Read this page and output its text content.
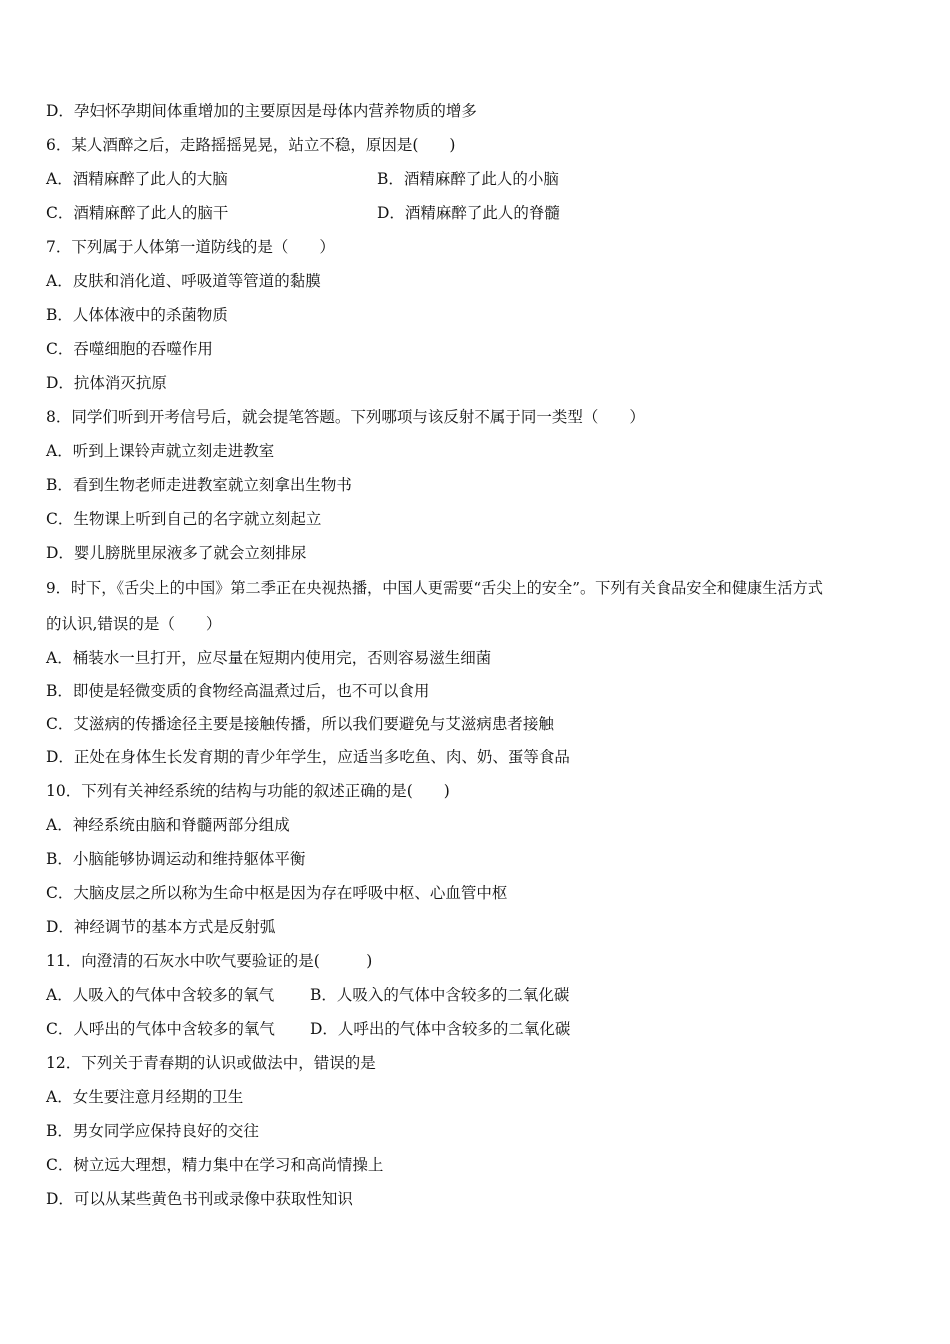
D．孕妇怀孕期间体重增加的主要原因是母体内营养物质的增多
6．某人酒醉之后，走路摇摇晃晃，站立不稳，原因是(　　)
A．酒精麻醉了此人的大脑	B．酒精麻醉了此人的小脑
C．酒精麻醉了此人的脑干	D．酒精麻醉了此人的脊髓
7．下列属于人体第一道防线的是（　　）
A．皮肤和消化道、呼吸道等管道的黏膜
B．人体体液中的杀菌物质
C．吞噬细胞的吞噬作用
D．抗体消灭抗原
8．同学们听到开考信号后，就会提笔答题。下列哪项与该反射不属于同一类型（　　）
A．听到上课铃声就立刻走进教室
B．看到生物老师走进教室就立刻拿出生物书
C．生物课上听到自己的名字就立刻起立
D．婴儿膀胱里尿液多了就会立刻排尿
9．时下，《舌尖上的中国》第二季正在央视热播，中国人更需要“舌尖上的安全”。下列有关食品安全和健康生活方式
的认识,错误的是（　　）
A．桶装水一旦打开，应尽量在短期内使用完，否则容易滋生细菌
B．即使是轻微变质的食物经高温煮过后，也不可以食用
C．艾滋病的传播途径主要是接触传播，所以我们要避免与艾滋病患者接触
D．正处在身体生长发育期的青少年学生，应适当多吃鱼、肉、奶、蛋等食品
10．下列有关神经系统的结构与功能的叙述正确的是(　　)
A．神经系统由脑和脊髓两部分组成
B．小脑能够协调运动和维持躯体平衡
C．大脑皮层之所以称为生命中枢是因为存在呼吸中枢、心血管中枢
D．神经调节的基本方式是反射弧
11．向澄清的石灰水中吹气要验证的是(　　　)
A．人吸入的气体中含较多的氧气 B．人吸入的气体中含较多的二氧化碳
C．人呼出的气体中含较多的氧气 D．人呼出的气体中含较多的二氧化碳
12．下列关于青春期的认识或做法中，错误的是
A．女生要注意月经期的卫生
B．男女同学应保持良好的交往
C．树立远大理想，精力集中在学习和高尚情操上
D．可以从某些黄色书刊或录像中获取性知识
